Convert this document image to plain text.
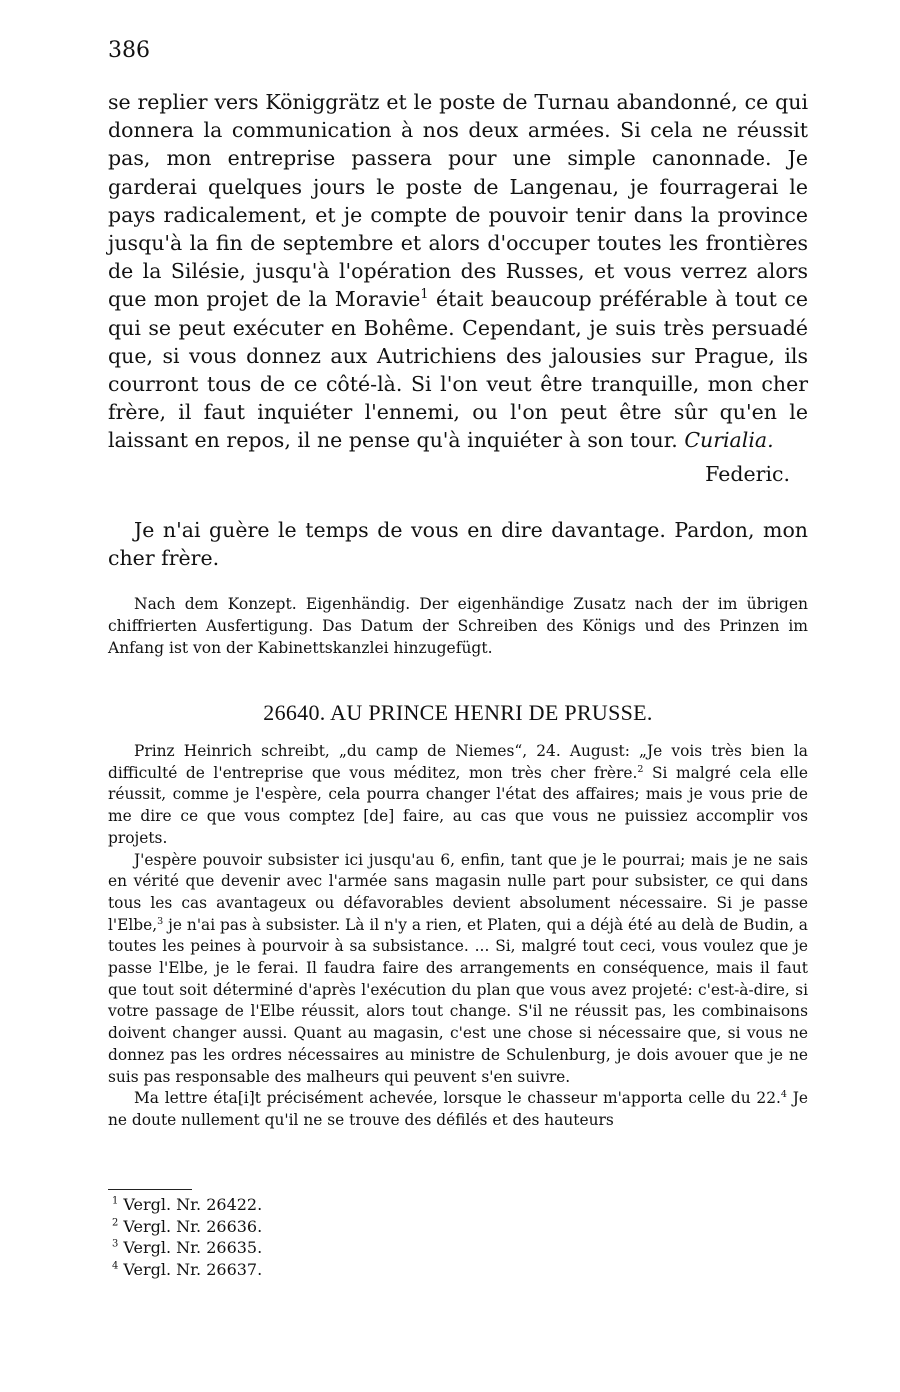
386

se replier vers Königgrätz et le poste de Turnau abandonné, ce qui donnera la communication à nos deux armées. Si cela ne réussit pas, mon entreprise passera pour une simple canonnade. Je garderai quelques jours le poste de Langenau, je fourragerai le pays radicalement, et je compte de pouvoir tenir dans la province jusqu'à la fin de septembre et alors d'occuper toutes les frontières de la Silésie, jusqu'à l'opération des Russes, et vous verrez alors que mon projet de la Moravie$^1$ était beaucoup préférable à tout ce qui se peut exécuter en Bohême. Cependant, je suis très persuadé que, si vous donnez aux Autrichiens des jalousies sur Prague, ils courront tous de ce côté-là. Si l'on veut être tranquille, mon cher frère, il faut inquiéter l'ennemi, ou l'on peut être sûr qu'en le laissant en repos, il ne pense qu'à inquiéter à son tour. Curialia.

Federic.

Je n'ai guère le temps de vous en dire davantage. Pardon, mon cher frère.

Nach dem Konzept. Eigenhändig. Der eigenhändige Zusatz nach der im übrigen chiffrierten Ausfertigung. Das Datum der Schreiben des Königs und des Prinzen im Anfang ist von der Kabinettskanzlei hinzugefügt.

26640. AU PRINCE HENRI DE PRUSSE.

Prinz Heinrich schreibt, „du camp de Niemes“, 24. August: „Je vois très bien la difficulté de l'entreprise que vous méditez, mon très cher frère.$^2$ Si malgré cela elle réussit, comme je l'espère, cela pourra changer l'état des affaires; mais je vous prie de me dire ce que vous comptez [de] faire, au cas que vous ne puissiez accomplir vos projets.

J'espère pouvoir subsister ici jusqu'au 6, enfin, tant que je le pourrai; mais je ne sais en vérité que devenir avec l'armée sans magasin nulle part pour subsister, ce qui dans tous les cas avantageux ou défavorables devient absolument nécessaire. Si je passe l'Elbe,$^3$ je n'ai pas à subsister. Là il n'y a rien, et Platen, qui a déjà été au delà de Budin, a toutes les peines à pourvoir à sa subsistance. ... Si, malgré tout ceci, vous voulez que je passe l'Elbe, je le ferai. Il faudra faire des arrangements en conséquence, mais il faut que tout soit déterminé d'après l'exécution du plan que vous avez projeté: c'est-à-dire, si votre passage de l'Elbe réussit, alors tout change. S'il ne réussit pas, les combinaisons doivent changer aussi. Quant au magasin, c'est une chose si nécessaire que, si vous ne donnez pas les ordres nécessaires au ministre de Schulenburg, je dois avouer que je ne suis pas responsable des malheurs qui peuvent s'en suivre.

Ma lettre éta[i]t précisément achevée, lorsque le chasseur m'apporta celle du 22.$^4$ Je ne doute nullement qu'il ne se trouve des défilés et des hauteurs

$^1$ Vergl. Nr. 26422.
$^2$ Vergl. Nr. 26636.
$^3$ Vergl. Nr. 26635.
$^4$ Vergl. Nr. 26637.
